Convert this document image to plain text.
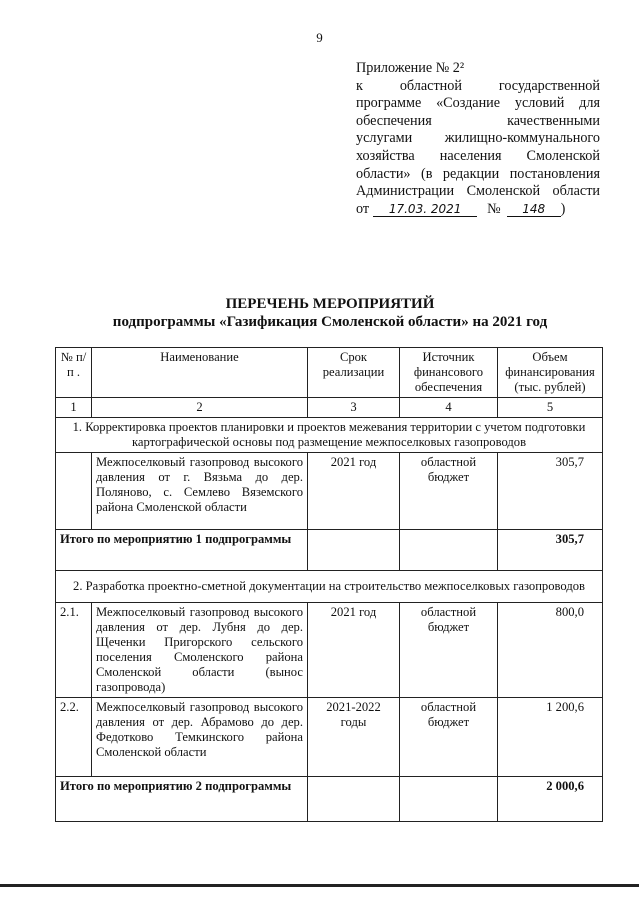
9
Приложение № 2²
к областной государственной
программе «Создание условий для
обеспечения качественными
услугами жилищно-коммунального
хозяйства населения Смоленской
области» (в редакции постановления
Администрации Смоленской области
от	17.03. 2021	№	148	)
ПЕРЕЧЕНЬ МЕРОПРИЯТИЙ
подпрограммы «Газификация Смоленской области» на 2021 год
№ п/п .	Наименование	Срок реализации	Источник финансового обеспечения	Объем финансирования (тыс. рублей)
1	2	3	4	5
1. Корректировка проектов планировки и проектов межевания территории с учетом подготовки картографической основы под размещение межпоселковых газопроводов				
	Межпоселковый газопровод высокого давления от г. Вязьма до дер. Поляново, с. Семлево Вяземского района Смоленской области	2021 год	областной бюджет	305,7
Итого по мероприятию 1 подпрограммы				305,7
2. Разработка проектно-сметной документации на строительство межпоселковых газопроводов				
2.1.	Межпоселковый газопровод высокого давления от дер. Лубня до дер. Щеченки Пригорского сельского поселения Смоленского района Смоленской области (вынос газопровода)	2021 год	областной бюджет	800,0
2.2.	Межпоселковый газопровод высокого давления от дер. Абрамово до дер. Федотково Темкинского района Смоленской области	2021-2022 годы	областной бюджет	1 200,6
Итого по мероприятию 2 подпрограммы				2 000,6
